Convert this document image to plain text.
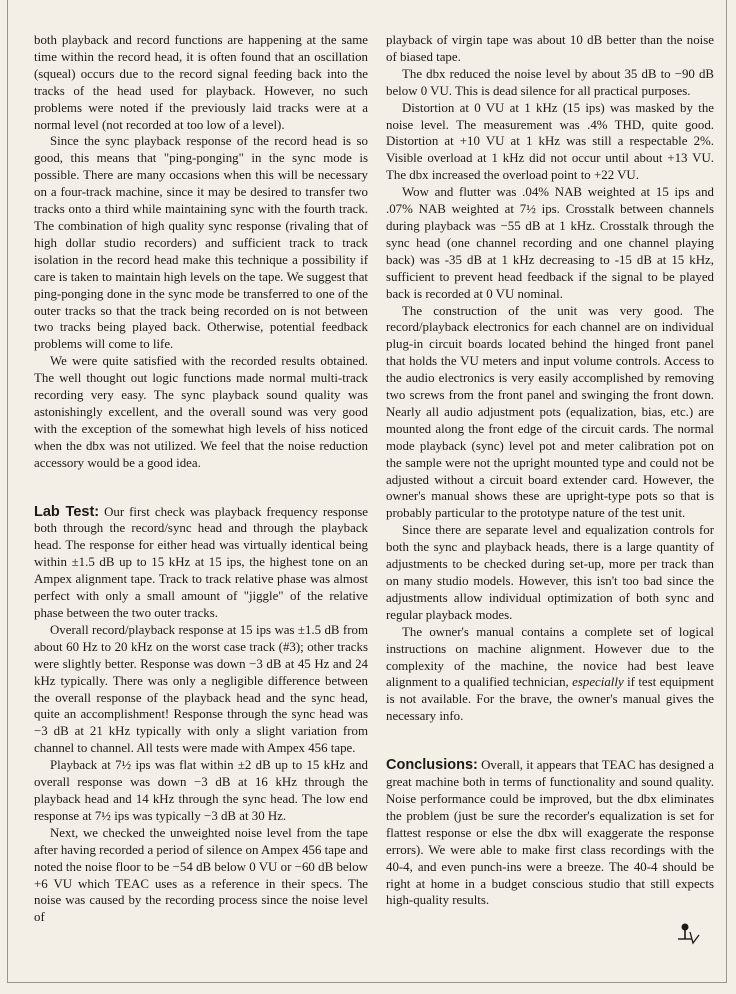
both playback and record functions are happening at the same time within the record head, it is often found that an oscillation (squeal) occurs due to the record signal feeding back into the tracks of the head used for playback. However, no such problems were noted if the previously laid tracks were at a normal level (not recorded at too low of a level).

Since the sync playback response of the record head is so good, this means that "ping-ponging" in the sync mode is possible. There are many occasions when this will be necessary on a four-track machine, since it may be desired to transfer two tracks onto a third while maintaining sync with the fourth track. The combination of high quality sync response (rivaling that of high dollar studio recorders) and sufficient track to track isolation in the record head make this technique a possibility if care is taken to maintain high levels on the tape. We suggest that ping-ponging done in the sync mode be transferred to one of the outer tracks so that the track being recorded on is not between two tracks being played back. Otherwise, potential feedback problems will come to life.

We were quite satisfied with the recorded results obtained. The well thought out logic functions made normal multi-track recording very easy. The sync playback sound quality was astonishingly excellent, and the overall sound was very good with the exception of the somewhat high levels of hiss noticed when the dbx was not utilized. We feel that the noise reduction accessory would be a good idea.

Lab Test: Our first check was playback frequency response both through the record/sync head and through the playback head. The response for either head was virtually identical being within ±1.5 dB up to 15 kHz at 15 ips, the highest tone on an Ampex alignment tape. Track to track relative phase was almost perfect with only a small amount of "jiggle" of the relative phase between the two outer tracks.

Overall record/playback response at 15 ips was ±1.5 dB from about 60 Hz to 20 kHz on the worst case track (#3); other tracks were slightly better. Response was down −3 dB at 45 Hz and 24 kHz typically. There was only a negligible difference between the overall response of the playback head and the sync head, quite an accomplishment! Response through the sync head was −3 dB at 21 kHz typically with only a slight variation from channel to channel. All tests were made with Ampex 456 tape.

Playback at 7½ ips was flat within ±2 dB up to 15 kHz and overall response was down −3 dB at 16 kHz through the playback head and 14 kHz through the sync head. The low end response at 7½ ips was typically −3 dB at 30 Hz.

Next, we checked the unweighted noise level from the tape after having recorded a period of silence on Ampex 456 tape and noted the noise floor to be −54 dB below 0 VU or −60 dB below +6 VU which TEAC uses as a reference in their specs. The noise was caused by the recording process since the noise level of

playback of virgin tape was about 10 dB better than the noise of biased tape.

The dbx reduced the noise level by about 35 dB to −90 dB below 0 VU. This is dead silence for all practical purposes.

Distortion at 0 VU at 1 kHz (15 ips) was masked by the noise level. The measurement was .4% THD, quite good. Distortion at +10 VU at 1 kHz was still a respectable 2%. Visible overload at 1 kHz did not occur until about +13 VU. The dbx increased the overload point to +22 VU.

Wow and flutter was .04% NAB weighted at 15 ips and .07% NAB weighted at 7½ ips. Crosstalk between channels during playback was −55 dB at 1 kHz. Crosstalk through the sync head (one channel recording and one channel playing back) was -35 dB at 1 kHz decreasing to -15 dB at 15 kHz, sufficient to prevent head feedback if the signal to be played back is recorded at 0 VU nominal.

The construction of the unit was very good. The record/playback electronics for each channel are on individual plug-in circuit boards located behind the hinged front panel that holds the VU meters and input volume controls. Access to the audio electronics is very easily accomplished by removing two screws from the front panel and swinging the front down. Nearly all audio adjustment pots (equalization, bias, etc.) are mounted along the front edge of the circuit cards. The normal mode playback (sync) level pot and meter calibration pot on the sample were not the upright mounted type and could not be adjusted without a circuit board extender card. However, the owner's manual shows these are upright-type pots so that is probably particular to the prototype nature of the test unit.

Since there are separate level and equalization controls for both the sync and playback heads, there is a large quantity of adjustments to be checked during set-up, more per track than on many studio models. However, this isn't too bad since the adjustments allow individual optimization of both sync and regular playback modes.

The owner's manual contains a complete set of logical instructions on machine alignment. However due to the complexity of the machine, the novice had best leave alignment to a qualified technician, especially if test equipment is not available. For the brave, the owner's manual gives the necessary info.

Conclusions: Overall, it appears that TEAC has designed a great machine both in terms of functionality and sound quality. Noise performance could be improved, but the dbx eliminates the problem (just be sure the recorder's equalization is set for flattest response or else the dbx will exaggerate the response errors). We were able to make first class recordings with the 40-4, and even punch-ins were a breeze. The 40-4 should be right at home in a budget conscious studio that still expects high-quality results.
